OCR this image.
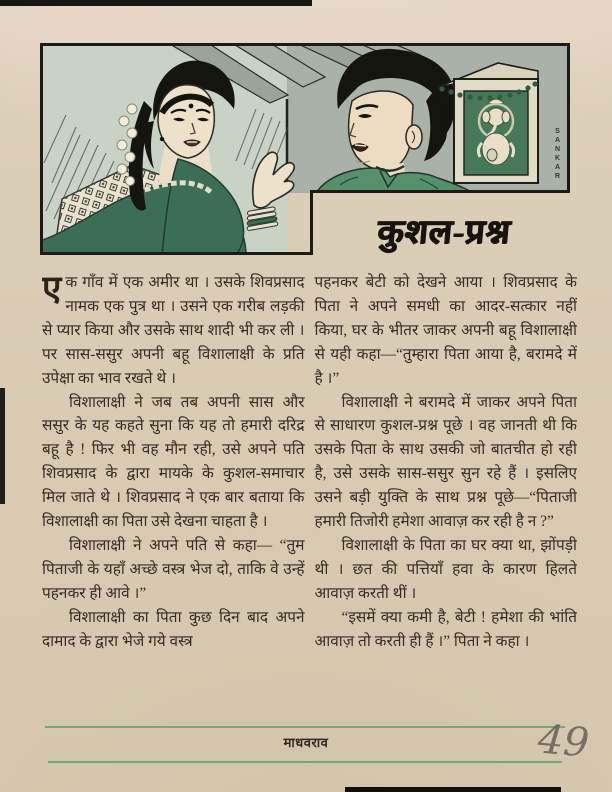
SANKAR
कुशल-प्रश्न

एक गाँव में एक अमीर था । उसके शिवप्रसाद नामक एक पुत्र था । उसने एक गरीब लड़की से प्यार किया और उसके साथ शादी भी कर ली । पर सास-ससुर अपनी बहू विशालाक्षी के प्रति उपेक्षा का भाव रखते थे ।

विशालाक्षी ने जब तब अपनी सास और ससुर के यह कहते सुना कि यह तो हमारी दरिद्र बहू है ! फिर भी वह मौन रही, उसे अपने पति शिवप्रसाद के द्वारा मायके के कुशल-समाचार मिल जाते थे । शिवप्रसाद ने एक बार बताया कि विशालाक्षी का पिता उसे देखना चाहता है ।

विशालाक्षी ने अपने पति से कहा— “तुम पिताजी के यहाँ अच्छे वस्त्र भेज दो, ताकि वे उन्हें पहनकर ही आवे ।”

विशालाक्षी का पिता कुछ दिन बाद अपने दामाद के द्वारा भेजे गये वस्त्र

पहनकर बेटी को देखने आया । शिवप्रसाद के पिता ने अपने समधी का आदर-सत्कार नहीं किया, घर के भीतर जाकर अपनी बहू विशालाक्षी से यही कहा—“तुम्हारा पिता आया है, बरामदे में है ।”

विशालाक्षी ने बरामदे में जाकर अपने पिता से साधारण कुशल-प्रश्न पूछे । वह जानती थी कि उसके पिता के साथ उसकी जो बातचीत हो रही है, उसे उसके सास-ससुर सुन रहे हैं । इसलिए उसने बड़ी युक्ति के साथ प्रश्न पूछे—“पिताजी हमारी तिजोरी हमेशा आवाज़ कर रही है न ?”

विशालाक्षी के पिता का घर क्या था, झोंपड़ी थी । छत की पत्तियाँ हवा के कारण हिलते आवाज़ करती थीं ।

“इसमें क्या कमी है, बेटी ! हमेशा की भांति आवाज़ तो करती ही हैं ।” पिता ने कहा ।

माधवराव	49
